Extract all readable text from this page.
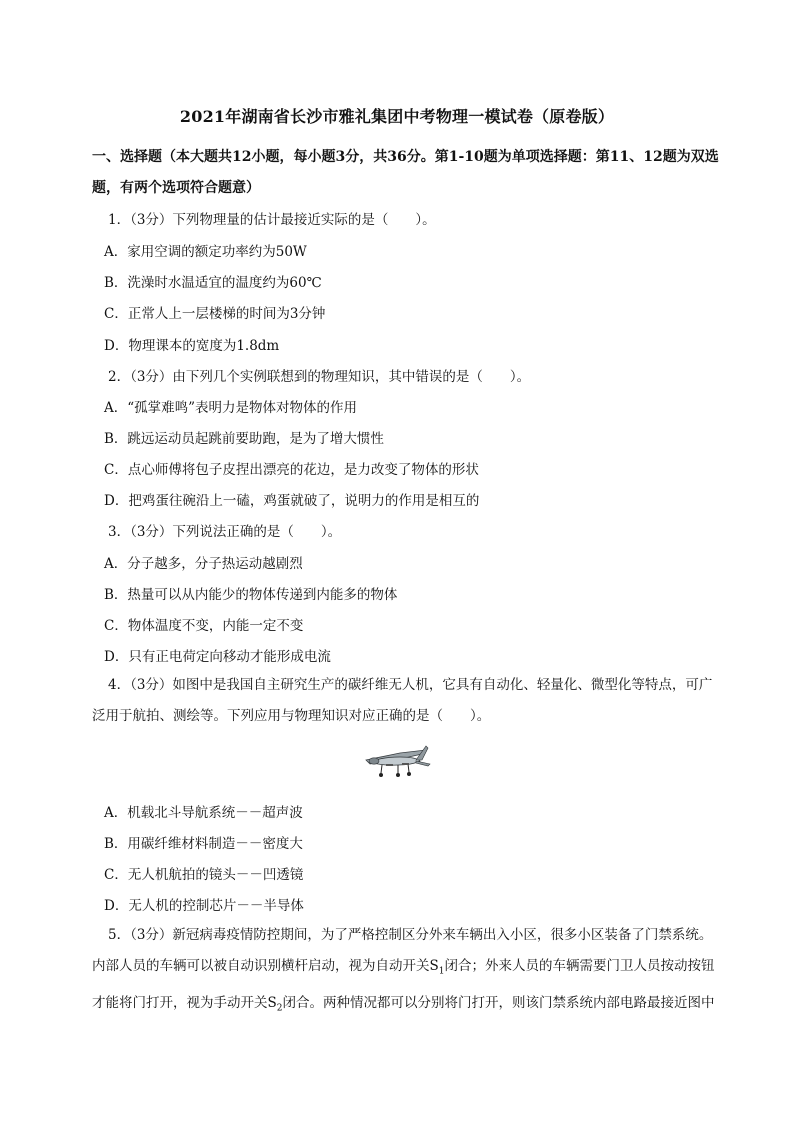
2021年湖南省长沙市雅礼集团中考物理一模试卷（原卷版）
一、选择题（本大题共12小题，每小题3分，共36分。第1-10题为单项选择题：第11、12题为双选题，有两个选项符合题意）
1．（3分）下列物理量的估计最接近实际的是（　　）。
A．家用空调的额定功率约为50W
B．洗澡时水温适宜的温度约为60℃
C．正常人上一层楼梯的时间为3分钟
D．物理课本的宽度为1.8dm
2．（3分）由下列几个实例联想到的物理知识，其中错误的是（　　）。
A．“孤掌难鸣”表明力是物体对物体的作用
B．跳远运动员起跳前要助跑，是为了增大惯性
C．点心师傅将包子皮捏出漂亮的花边，是力改变了物体的形状
D．把鸡蛋往碗沿上一磕，鸡蛋就破了，说明力的作用是相互的
3．（3分）下列说法正确的是（　　）。
A．分子越多，分子热运动越剧烈
B．热量可以从内能少的物体传递到内能多的物体
C．物体温度不变，内能一定不变
D．只有正电荷定向移动才能形成电流
4．（3分）如图中是我国自主研究生产的碳纤维无人机，它具有自动化、轻量化、微型化等特点，可广泛用于航拍、测绘等。下列应用与物理知识对应正确的是（　　）。
A．机载北斗导航系统－－超声波
B．用碳纤维材料制造－－密度大
C．无人机航拍的镜头－－凹透镜
D．无人机的控制芯片－－半导体
5．（3分）新冠病毒疫情防控期间，为了严格控制区分外来车辆出入小区，很多小区装备了门禁系统。内部人员的车辆可以被自动识别横杆启动，视为自动开关$S_1$闭合；外来人员的车辆需要门卫人员按动按钮才能将门打开，视为手动开关$S_2$闭合。两种情况都可以分别将门打开，则该门禁系统内部电路最接近图中
